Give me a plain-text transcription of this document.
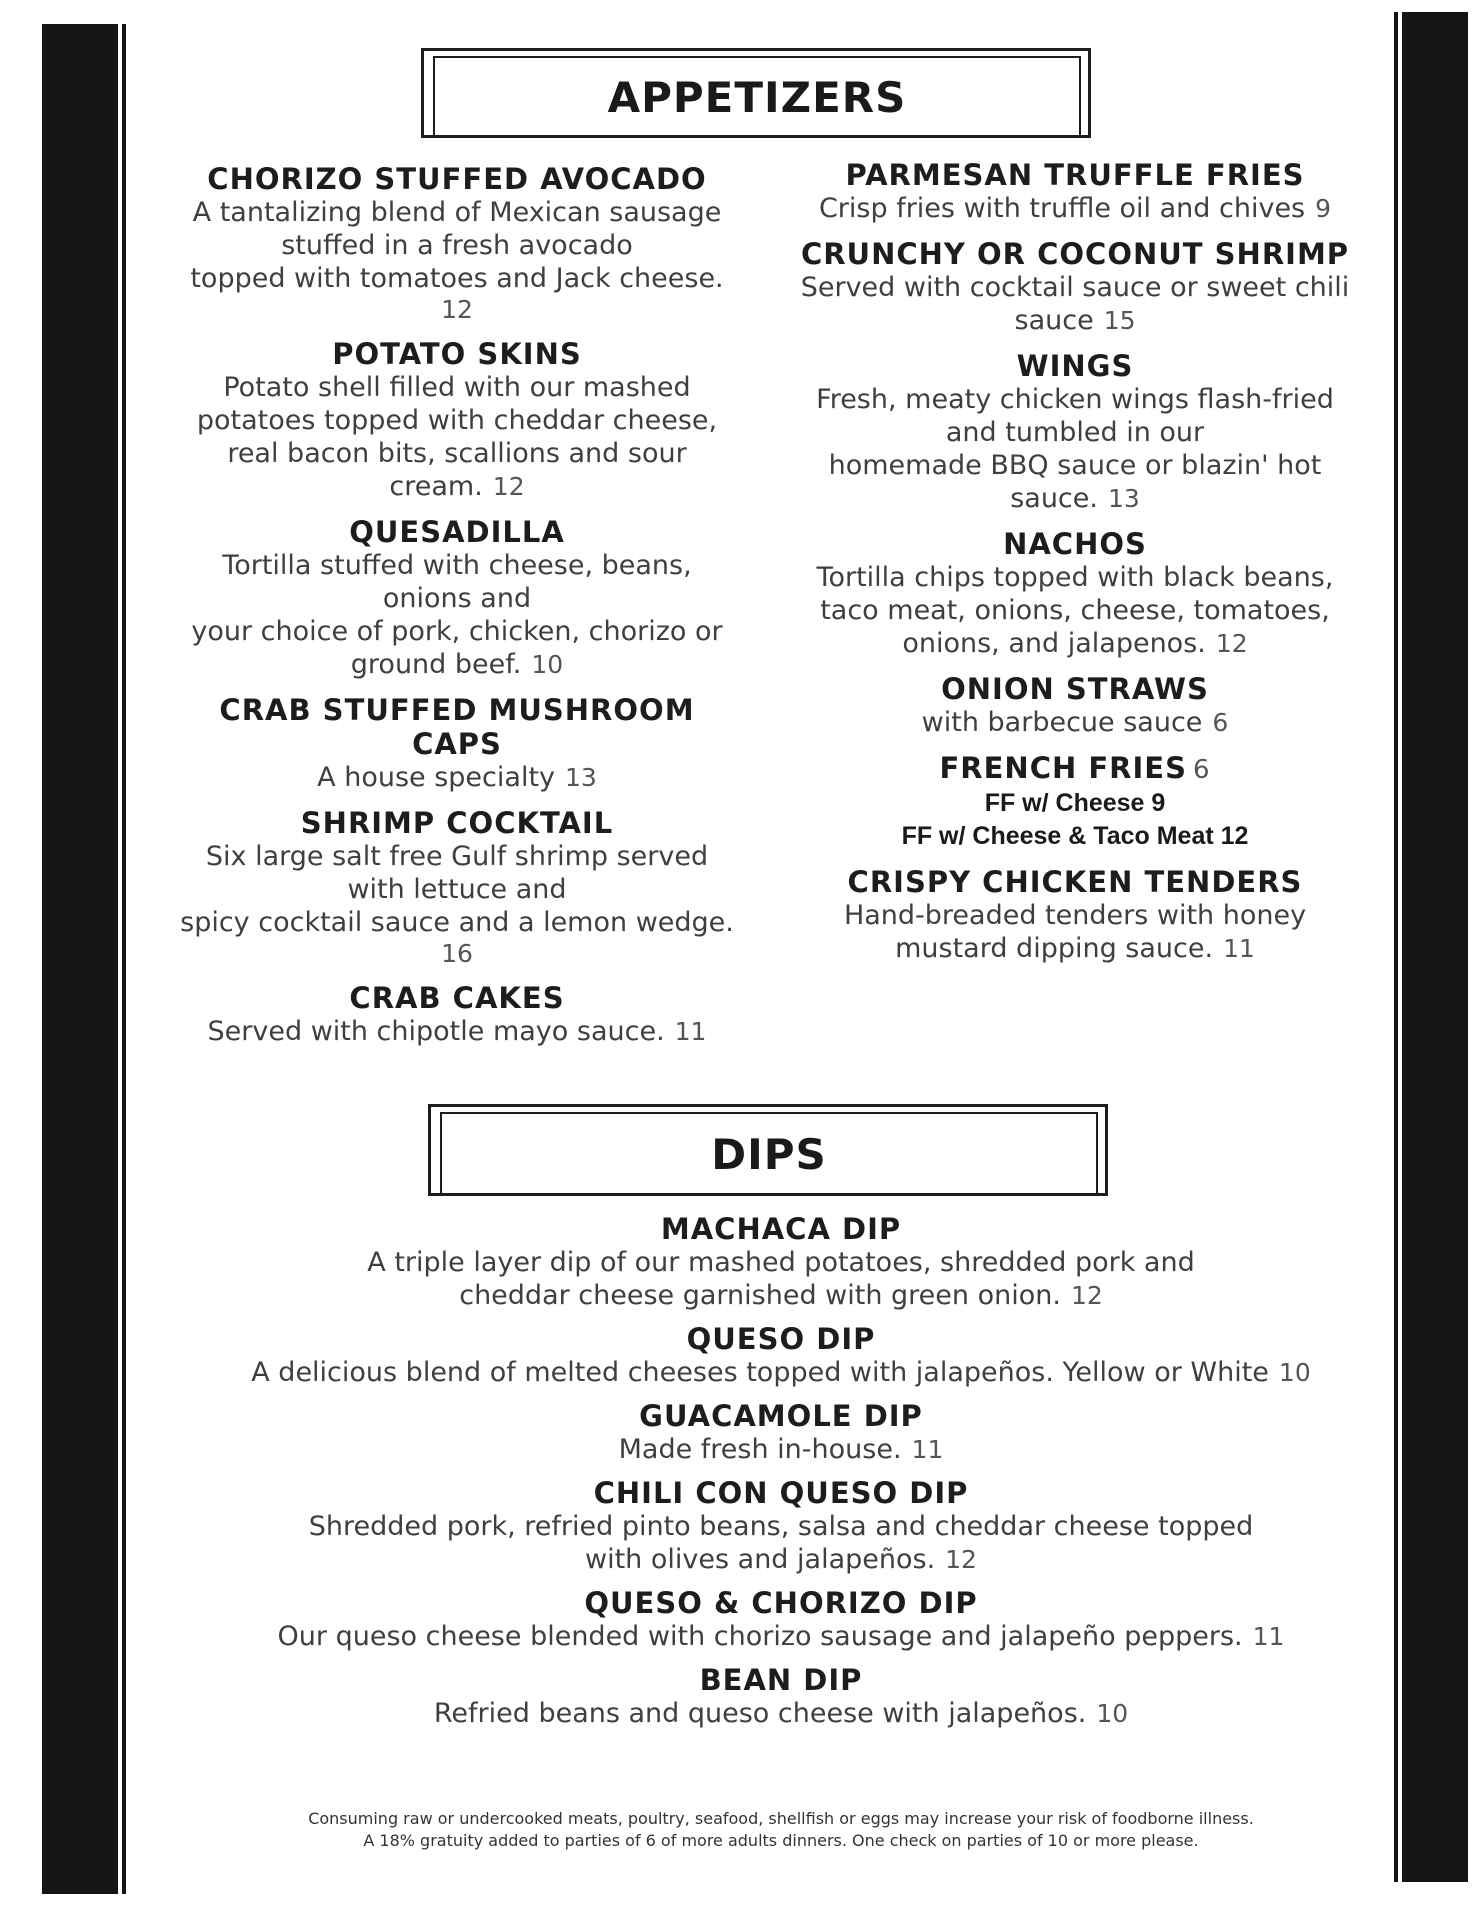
APPETIZERS
CHORIZO STUFFED AVOCADO
A tantalizing blend of Mexican sausage
stuffed in a fresh avocado
topped with tomatoes and Jack cheese.
12
POTATO SKINS
Potato shell filled with our mashed
potatoes topped with cheddar cheese,
real bacon bits, scallions and sour
cream. 12
QUESADILLA
Tortilla stuffed with cheese, beans,
onions and
your choice of pork, chicken, chorizo or
ground beef. 10
CRAB STUFFED MUSHROOM CAPS
A house specialty 13
SHRIMP COCKTAIL
Six large salt free Gulf shrimp served
with lettuce and
spicy cocktail sauce and a lemon wedge.
16
CRAB CAKES
Served with chipotle mayo sauce. 11
PARMESAN TRUFFLE FRIES
Crisp fries with truffle oil and chives 9
CRUNCHY OR COCONUT SHRIMP
Served with cocktail sauce or sweet chili
sauce 15
WINGS
Fresh, meaty chicken wings flash-fried
and tumbled in our
homemade BBQ sauce or blazin' hot
sauce. 13
NACHOS
Tortilla chips topped with black beans,
taco meat, onions, cheese, tomatoes,
onions, and jalapenos. 12
ONION STRAWS
with barbecue sauce 6
FRENCH FRIES 6
FF w/ Cheese 9
FF w/ Cheese & Taco Meat 12
CRISPY CHICKEN TENDERS
Hand-breaded tenders with honey
mustard dipping sauce. 11
DIPS
MACHACA DIP
A triple layer dip of our mashed potatoes, shredded pork and
cheddar cheese garnished with green onion. 12
QUESO DIP
A delicious blend of melted cheeses topped with jalapeños. Yellow or White 10
GUACAMOLE DIP
Made fresh in-house. 11
CHILI CON QUESO DIP
Shredded pork, refried pinto beans, salsa and cheddar cheese topped
with olives and jalapeños. 12
QUESO & CHORIZO DIP
Our queso cheese blended with chorizo sausage and jalapeño peppers. 11
BEAN DIP
Refried beans and queso cheese with jalapeños. 10
Consuming raw or undercooked meats, poultry, seafood, shellfish or eggs may increase your risk of foodborne illness.
A 18% gratuity added to parties of 6 of more adults dinners. One check on parties of 10 or more please.
